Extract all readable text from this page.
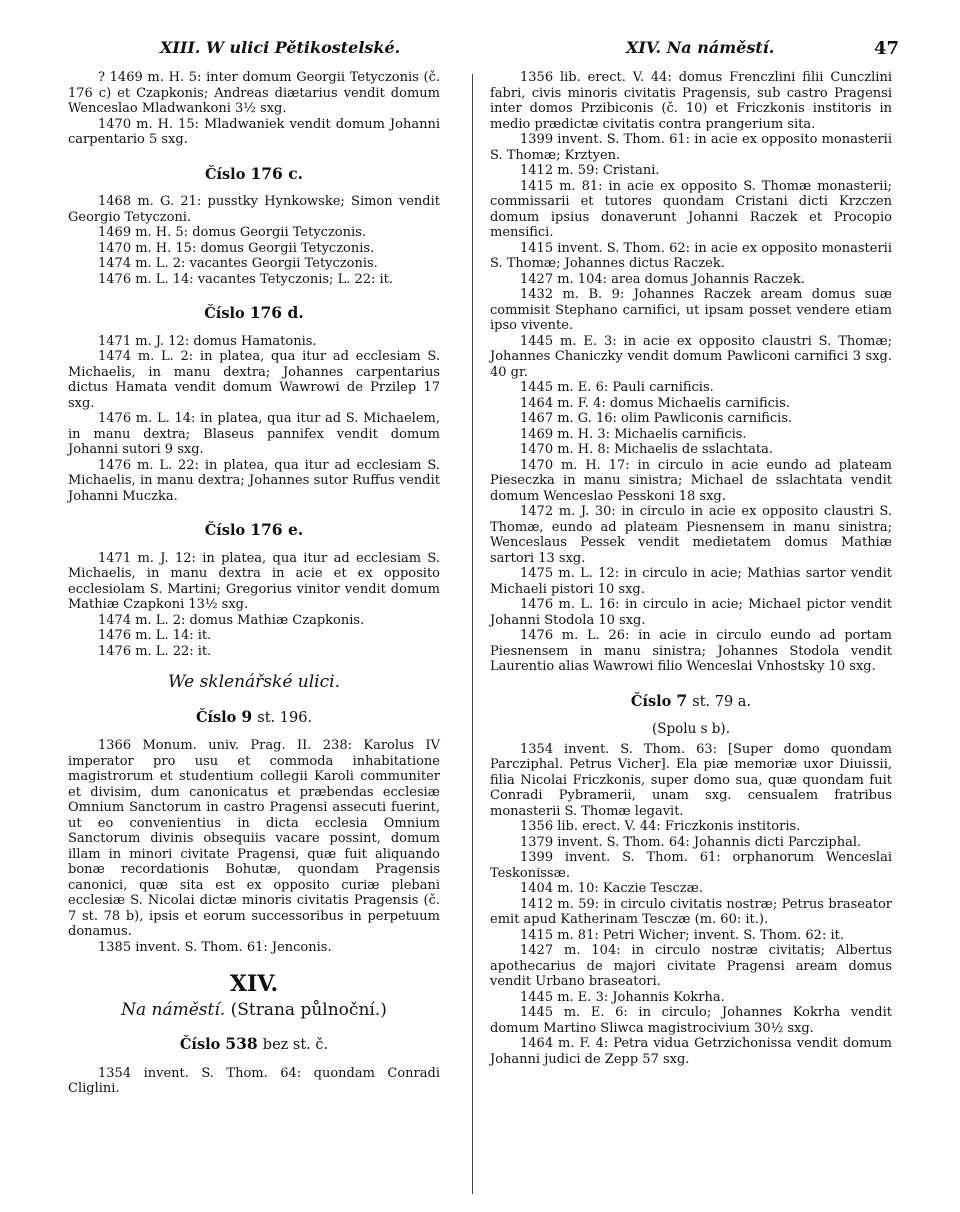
XIII. W ulici Pětikostelské.	XIV. Na náměstí.	47

? 1469 m. H. 5: inter domum Georgii Tetyczonis (č. 176 c) et Czapkonis; Andreas diætarius vendit domum Wenceslao Mladwankoni 3½ sxg.

1470 m. H. 15: Mladwaniek vendit domum Johanni carpentario 5 sxg.

Číslo 176 c.

1468 m. G. 21: pusstky Hynkowske; Simon vendit Georgio Tetyczoni.

1469 m. H. 5: domus Georgii Tetyczonis.

1470 m. H. 15: domus Georgii Tetyczonis.

1474 m. L. 2: vacantes Georgii Tetyczonis.

1476 m. L. 14: vacantes Tetyczonis; L. 22: it.

Číslo 176 d.

1471 m. J. 12: domus Hamatonis.

1474 m. L. 2: in platea, qua itur ad ecclesiam S. Michaelis, in manu dextra; Johannes carpentarius dictus Hamata vendit domum Wawrowi de Przilep 17 sxg.

1476 m. L. 14: in platea, qua itur ad S. Michaelem, in manu dextra; Blaseus pannifex vendit domum Johanni sutori 9 sxg.

1476 m. L. 22: in platea, qua itur ad ecclesiam S. Michaelis, in manu dextra; Johannes sutor Ruffus vendit Johanni Muczka.

Číslo 176 e.

1471 m. J. 12: in platea, qua itur ad ecclesiam S. Michaelis, in manu dextra in acie et ex opposito ecclesiolam S. Martini; Gregorius vinitor vendit domum Mathiæ Czapkoni 13½ sxg.

1474 m. L. 2: domus Mathiæ Czapkonis.

1476 m. L. 14: it.

1476 m. L. 22: it.

We sklenářské ulici.
Číslo 9 st. 196.

1366 Monum. univ. Prag. II. 238: Karolus IV imperator pro usu et commoda inhabitatione magistrorum et studentium collegii Karoli communiter et divisim, dum canonicatus et præbendas ecclesiæ Omnium Sanctorum in castro Pragensi assecuti fuerint, ut eo convenientius in dicta ecclesia Omnium Sanctorum divinis obsequiis vacare possint, domum illam in minori civitate Pragensi, quæ fuit aliquando bonæ recordationis Bohutæ, quondam Pragensis canonici, quæ sita est ex opposito curiæ plebani ecclesiæ S. Nicolai dictæ minoris civitatis Pragensis (č. 7 st. 78 b), ipsis et eorum successoribus in perpetuum donamus.

1385 invent. S. Thom. 61: Jenconis.

XIV.
Na náměstí. (Strana půlnoční.)
Číslo 538 bez st. č.

1354 invent. S. Thom. 64: quondam Conradi Cliglini.

1356 lib. erect. V. 44: domus Frenczlini filii Cunczlini fabri, civis minoris civitatis Pragensis, sub castro Pragensi inter domos Przibiconis (č. 10) et Friczkonis institoris in medio prædictæ civitatis contra prangerium sita.

1399 invent. S. Thom. 61: in acie ex opposito monasterii S. Thomæ; Krztyen.

1412 m. 59: Cristani.

1415 m. 81: in acie ex opposito S. Thomæ monasterii; commissarii et tutores quondam Cristani dicti Krzczen domum ipsius donaverunt Johanni Raczek et Procopio mensifici.

1415 invent. S. Thom. 62: in acie ex opposito monasterii S. Thomæ; Johannes dictus Raczek.

1427 m. 104: area domus Johannis Raczek.

1432 m. B. 9: Johannes Raczek aream domus suæ commisit Stephano carnifici, ut ipsam posset vendere etiam ipso vivente.

1445 m. E. 3: in acie ex opposito claustri S. Thomæ; Johannes Chaniczky vendit domum Pawliconi carnifici 3 sxg. 40 gr.

1445 m. E. 6: Pauli carnificis.

1464 m. F. 4: domus Michaelis carnificis.

1467 m. G. 16: olim Pawliconis carnificis.

1469 m. H. 3: Michaelis carnificis.

1470 m. H. 8: Michaelis de sslachtata.

1470 m. H. 17: in circulo in acie eundo ad plateam Pieseczka in manu sinistra; Michael de sslachtata vendit domum Wenceslao Pesskoni 18 sxg.

1472 m. J. 30: in circulo in acie ex opposito claustri S. Thomæ, eundo ad plateam Piesnensem in manu sinistra; Wenceslaus Pessek vendit medietatem domus Mathiæ sartori 13 sxg.

1475 m. L. 12: in circulo in acie; Mathias sartor vendit Michaeli pistori 10 sxg.

1476 m. L. 16: in circulo in acie; Michael pictor vendit Johanni Stodola 10 sxg.

1476 m. L. 26: in acie in circulo eundo ad portam Piesnensem in manu sinistra; Johannes Stodola vendit Laurentio alias Wawrowi filio Wenceslai Vnhostsky 10 sxg.

Číslo 7 st. 79 a.
(Spolu s b).

1354 invent. S. Thom. 63: [Super domo quondam Parcziphal. Petrus Vicher]. Ela piæ memoriæ uxor Diuissii, filia Nicolai Friczkonis, super domo sua, quæ quondam fuit Conradi Pybramerii, unam sxg. censualem fratribus monasterii S. Thomæ legavit.

1356 lib. erect. V. 44: Friczkonis institoris.

1379 invent. S. Thom. 64: Johannis dicti Parcziphal.

1399 invent. S. Thom. 61: orphanorum Wenceslai Teskonissæ.

1404 m. 10: Kaczie Tesczæ.

1412 m. 59: in circulo civitatis nostræ; Petrus braseator emit apud Katherinam Tesczæ (m. 60: it.).

1415 m. 81: Petri Wicher; invent. S. Thom. 62: it.

1427 m. 104: in circulo nostræ civitatis; Albertus apothecarius de majori civitate Pragensi aream domus vendit Urbano braseatori.

1445 m. E. 3: Johannis Kokrha.

1445 m. E. 6: in circulo; Johannes Kokrha vendit domum Martino Sliwca magistrocivium 30½ sxg.

1464 m. F. 4: Petra vidua Getrzichonissa vendit domum Johanni judici de Zepp 57 sxg.
